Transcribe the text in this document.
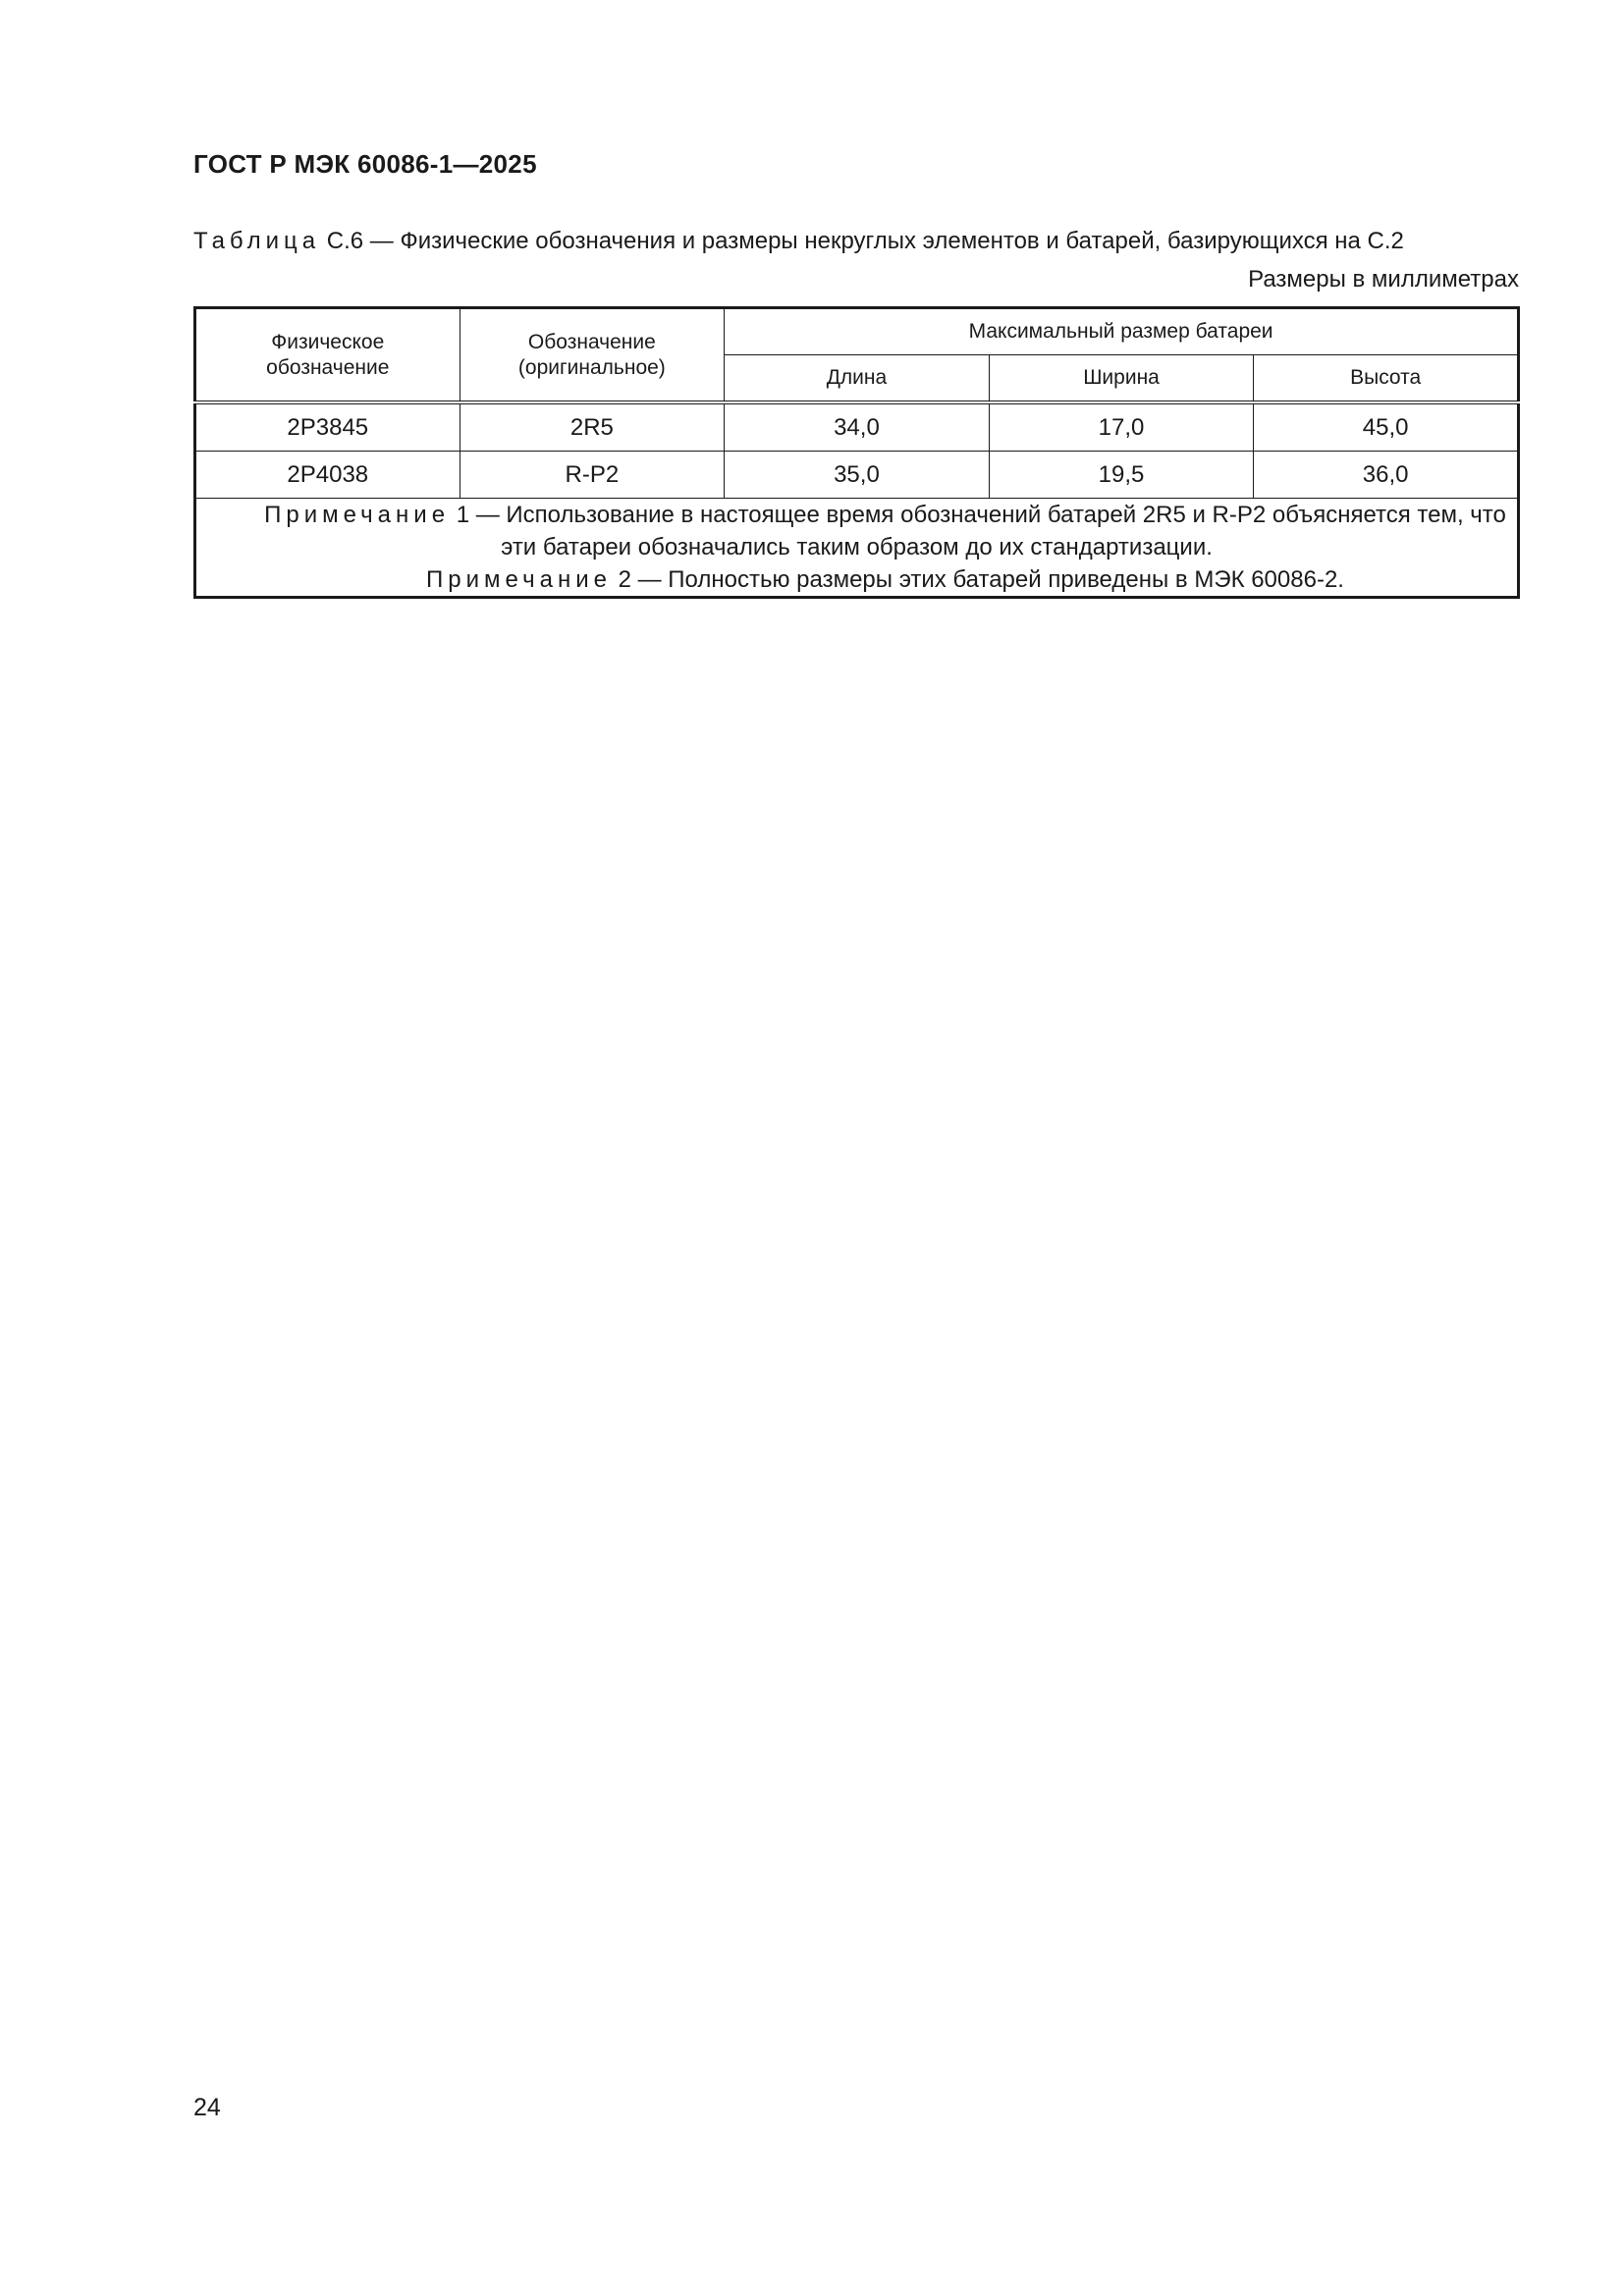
ГОСТ Р МЭК 60086-1—2025
Таблица С.6 — Физические обозначения и размеры некруглых элементов и батарей, базирующихся на С.2
Размеры в миллиметрах
Физическое обозначение	Обозначение (оригинальное)	Максимальный размер батареи		
		Длина	Ширина	Высота
2P3845	2R5	34,0	17,0	45,0
2P4038	R-P2	35,0	19,5	36,0

Примечание 1 — Использование в настоящее время обозначений батарей 2R5 и R-P2 объясняется тем, что эти батареи обозначались таким образом до их стандартизации.
Примечание 2 — Полностью размеры этих батарей приведены в МЭК 60086-2.				
24
